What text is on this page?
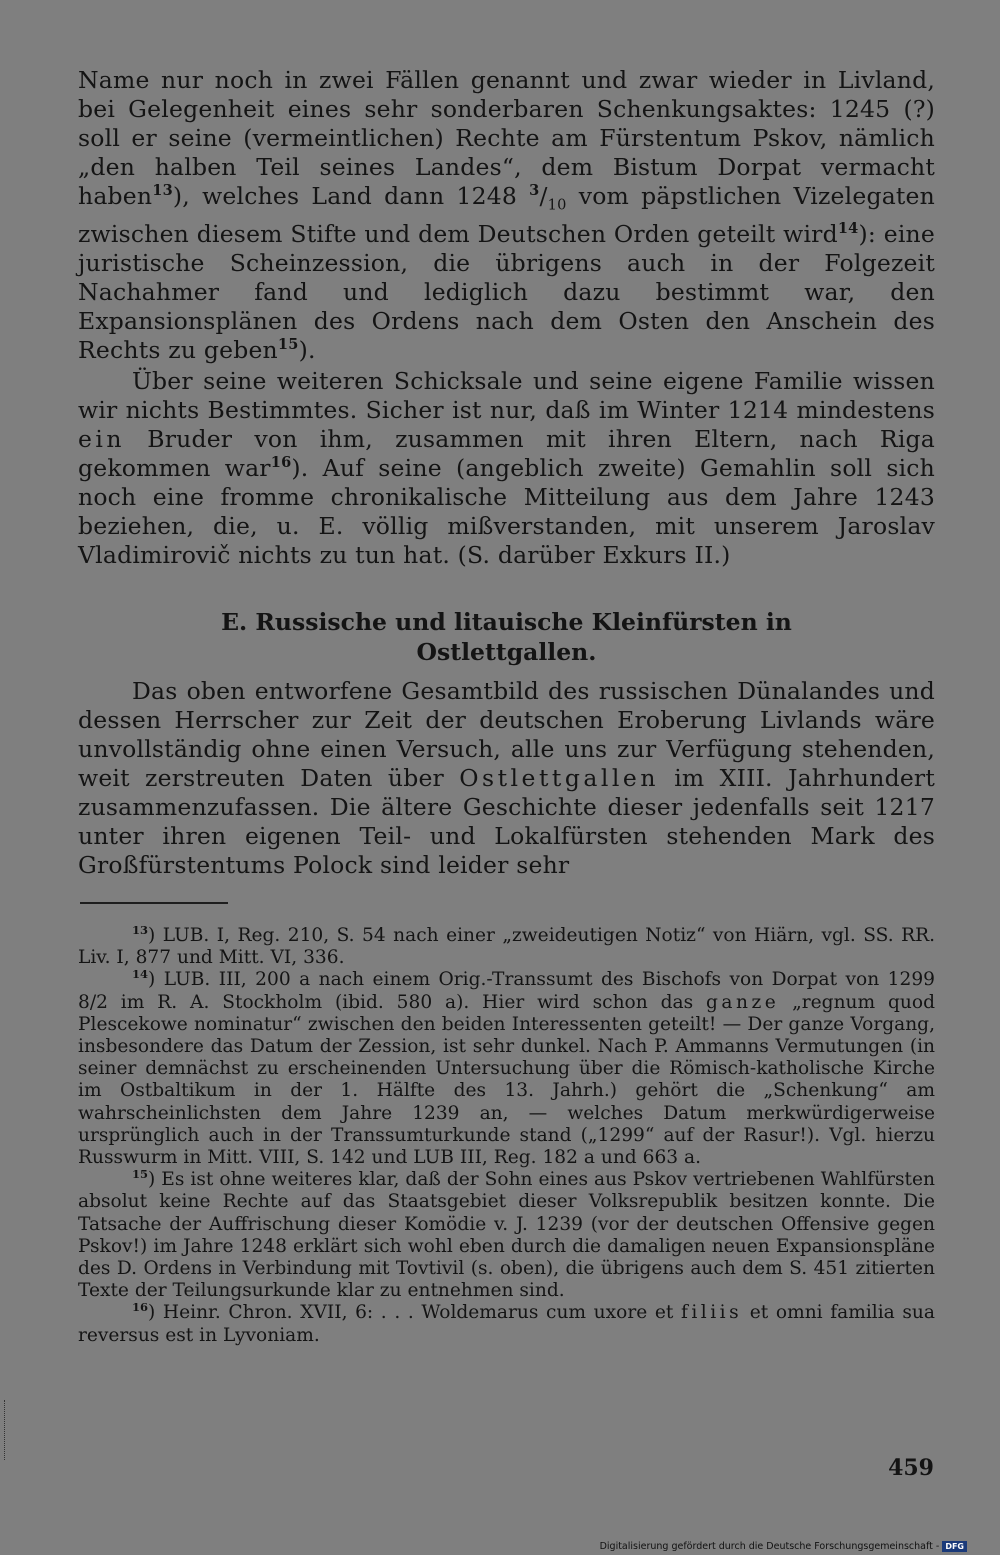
Name nur noch in zwei Fällen genannt und zwar wieder in Livland, bei Gelegenheit eines sehr sonderbaren Schenkungsaktes: 1245 (?) soll er seine (vermeintlichen) Rechte am Fürstentum Pskov, nämlich „den halben Teil seines Landes“, dem Bistum Dorpat vermacht haben$^{13}$), welches Land dann 1248 $^3/_{10}$ vom päpstlichen Vizelegaten zwischen diesem Stifte und dem Deutschen Orden geteilt wird$^{14}$): eine juristische Scheinzession, die übrigens auch in der Folgezeit Nachahmer fand und lediglich dazu bestimmt war, den Expansionsplänen des Ordens nach dem Osten den Anschein des Rechts zu geben$^{15}$).

Über seine weiteren Schicksale und seine eigene Familie wissen wir nichts Bestimmtes. Sicher ist nur, daß im Winter 1214 mindestens ein Bruder von ihm, zusammen mit ihren Eltern, nach Riga gekommen war$^{16}$). Auf seine (angeblich zweite) Gemahlin soll sich noch eine fromme chronikalische Mitteilung aus dem Jahre 1243 beziehen, die, u. E. völlig mißverstanden, mit unserem Jaroslav Vladimirovič nichts zu tun hat. (S. darüber Exkurs II.)

E. Russische und litauische Kleinfürsten in
Ostlettgallen.

Das oben entworfene Gesamtbild des russischen Dünalandes und dessen Herrscher zur Zeit der deutschen Eroberung Livlands wäre unvollständig ohne einen Versuch, alle uns zur Verfügung stehenden, weit zerstreuten Daten über Ostlettgallen im XIII. Jahrhundert zusammenzufassen. Die ältere Geschichte dieser jedenfalls seit 1217 unter ihren eigenen Teil- und Lokalfürsten stehenden Mark des Großfürstentums Polock sind leider sehr

$^{13}$) LUB. I, Reg. 210, S. 54 nach einer „zweideutigen Notiz“ von Hiärn, vgl. SS. RR. Liv. I, 877 und Mitt. VI, 336.

$^{14}$) LUB. III, 200 a nach einem Orig.-Transsumt des Bischofs von Dorpat von 1299 8/2 im R. A. Stockholm (ibid. 580 a). Hier wird schon das ganze „regnum quod Plescekowe nominatur“ zwischen den beiden Interessenten geteilt! — Der ganze Vorgang, insbesondere das Datum der Zession, ist sehr dunkel. Nach P. Ammanns Vermutungen (in seiner demnächst zu erscheinenden Untersuchung über die Römisch-katholische Kirche im Ostbaltikum in der 1. Hälfte des 13. Jahrh.) gehört die „Schenkung“ am wahrscheinlichsten dem Jahre 1239 an, — welches Datum merkwürdigerweise ursprünglich auch in der Transsumturkunde stand („1299“ auf der Rasur!). Vgl. hierzu Russwurm in Mitt. VIII, S. 142 und LUB III, Reg. 182 a und 663 a.

$^{15}$) Es ist ohne weiteres klar, daß der Sohn eines aus Pskov vertriebenen Wahlfürsten absolut keine Rechte auf das Staatsgebiet dieser Volksrepublik besitzen konnte. Die Tatsache der Auffrischung dieser Komödie v. J. 1239 (vor der deutschen Offensive gegen Pskov!) im Jahre 1248 erklärt sich wohl eben durch die damaligen neuen Expansionspläne des D. Ordens in Verbindung mit Tovtivil (s. oben), die übrigens auch dem S. 451 zitierten Texte der Teilungsurkunde klar zu entnehmen sind.

$^{16}$) Heinr. Chron. XVII, 6: . . . Woldemarus cum uxore et filiis et omni familia sua reversus est in Lyvoniam.

459
Digitalisierung gefördert durch die Deutsche Forschungsgemeinschaft - DFG
